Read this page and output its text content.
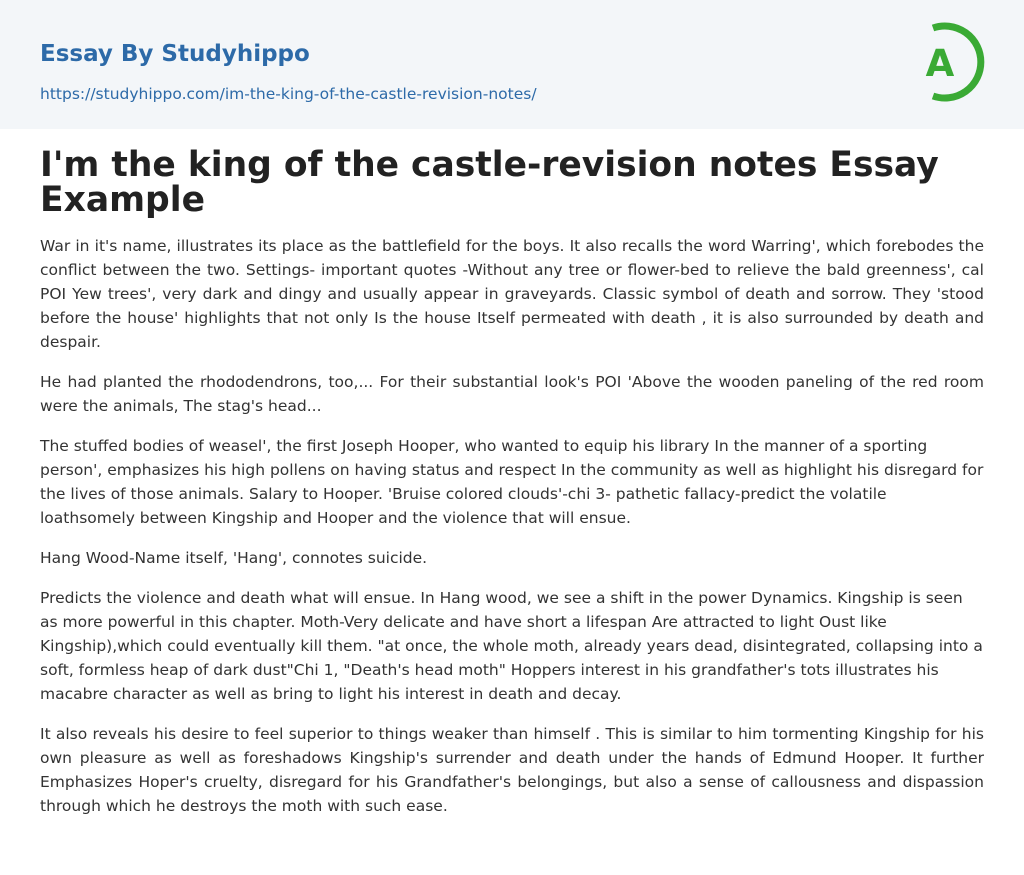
Essay By Studyhippo
https://studyhippo.com/im-the-king-of-the-castle-revision-notes/
A
I'm the king of the castle-revision notes Essay Example

War in it's name, illustrates its place as the battlefield for the boys. It also recalls the word Warring', which forebodes the conflict between the two. Settings- important quotes -Without any tree or flower-bed to relieve the bald greenness', cal POI Yew trees', very dark and dingy and usually appear in graveyards. Classic symbol of death and sorrow. They 'stood before the house' highlights that not only Is the house Itself permeated with death , it is also surrounded by death and despair.

He had planted the rhododendrons, too,... For their substantial look's POI 'Above the wooden paneling of the red room were the animals, The stag's head...

The stuffed bodies of weasel', the first Joseph Hooper, who wanted to equip his library In the manner of a sporting person', emphasizes his high pollens on having status and respect In the community as well as highlight his disregard for the lives of those animals. Salary to Hooper. 'Bruise colored clouds'-chi 3- pathetic fallacy-predict the volatile loathsomely between Kingship and Hooper and the violence that will ensue.

Hang Wood-Name itself, 'Hang', connotes suicide.

Predicts the violence and death what will ensue. In Hang wood, we see a shift in the power Dynamics. Kingship is seen as more powerful in this chapter. Moth-Very delicate and have short a lifespan Are attracted to light Oust like Kingship),which could eventually kill them. "at once, the whole moth, already years dead, disintegrated, collapsing into a soft, formless heap of dark dust"Chi 1, "Death's head moth" Hoppers interest in his grandfather's tots illustrates his macabre character as well as bring to light his interest in death and decay.

It also reveals his desire to feel superior to things weaker than himself . This is similar to him tormenting Kingship for his own pleasure as well as foreshadows Kingship's surrender and death under the hands of Edmund Hooper. It further Emphasizes Hoper's cruelty, disregard for his Grandfather's belongings, but also a sense of callousness and dispassion through which he destroys the moth with such ease.
